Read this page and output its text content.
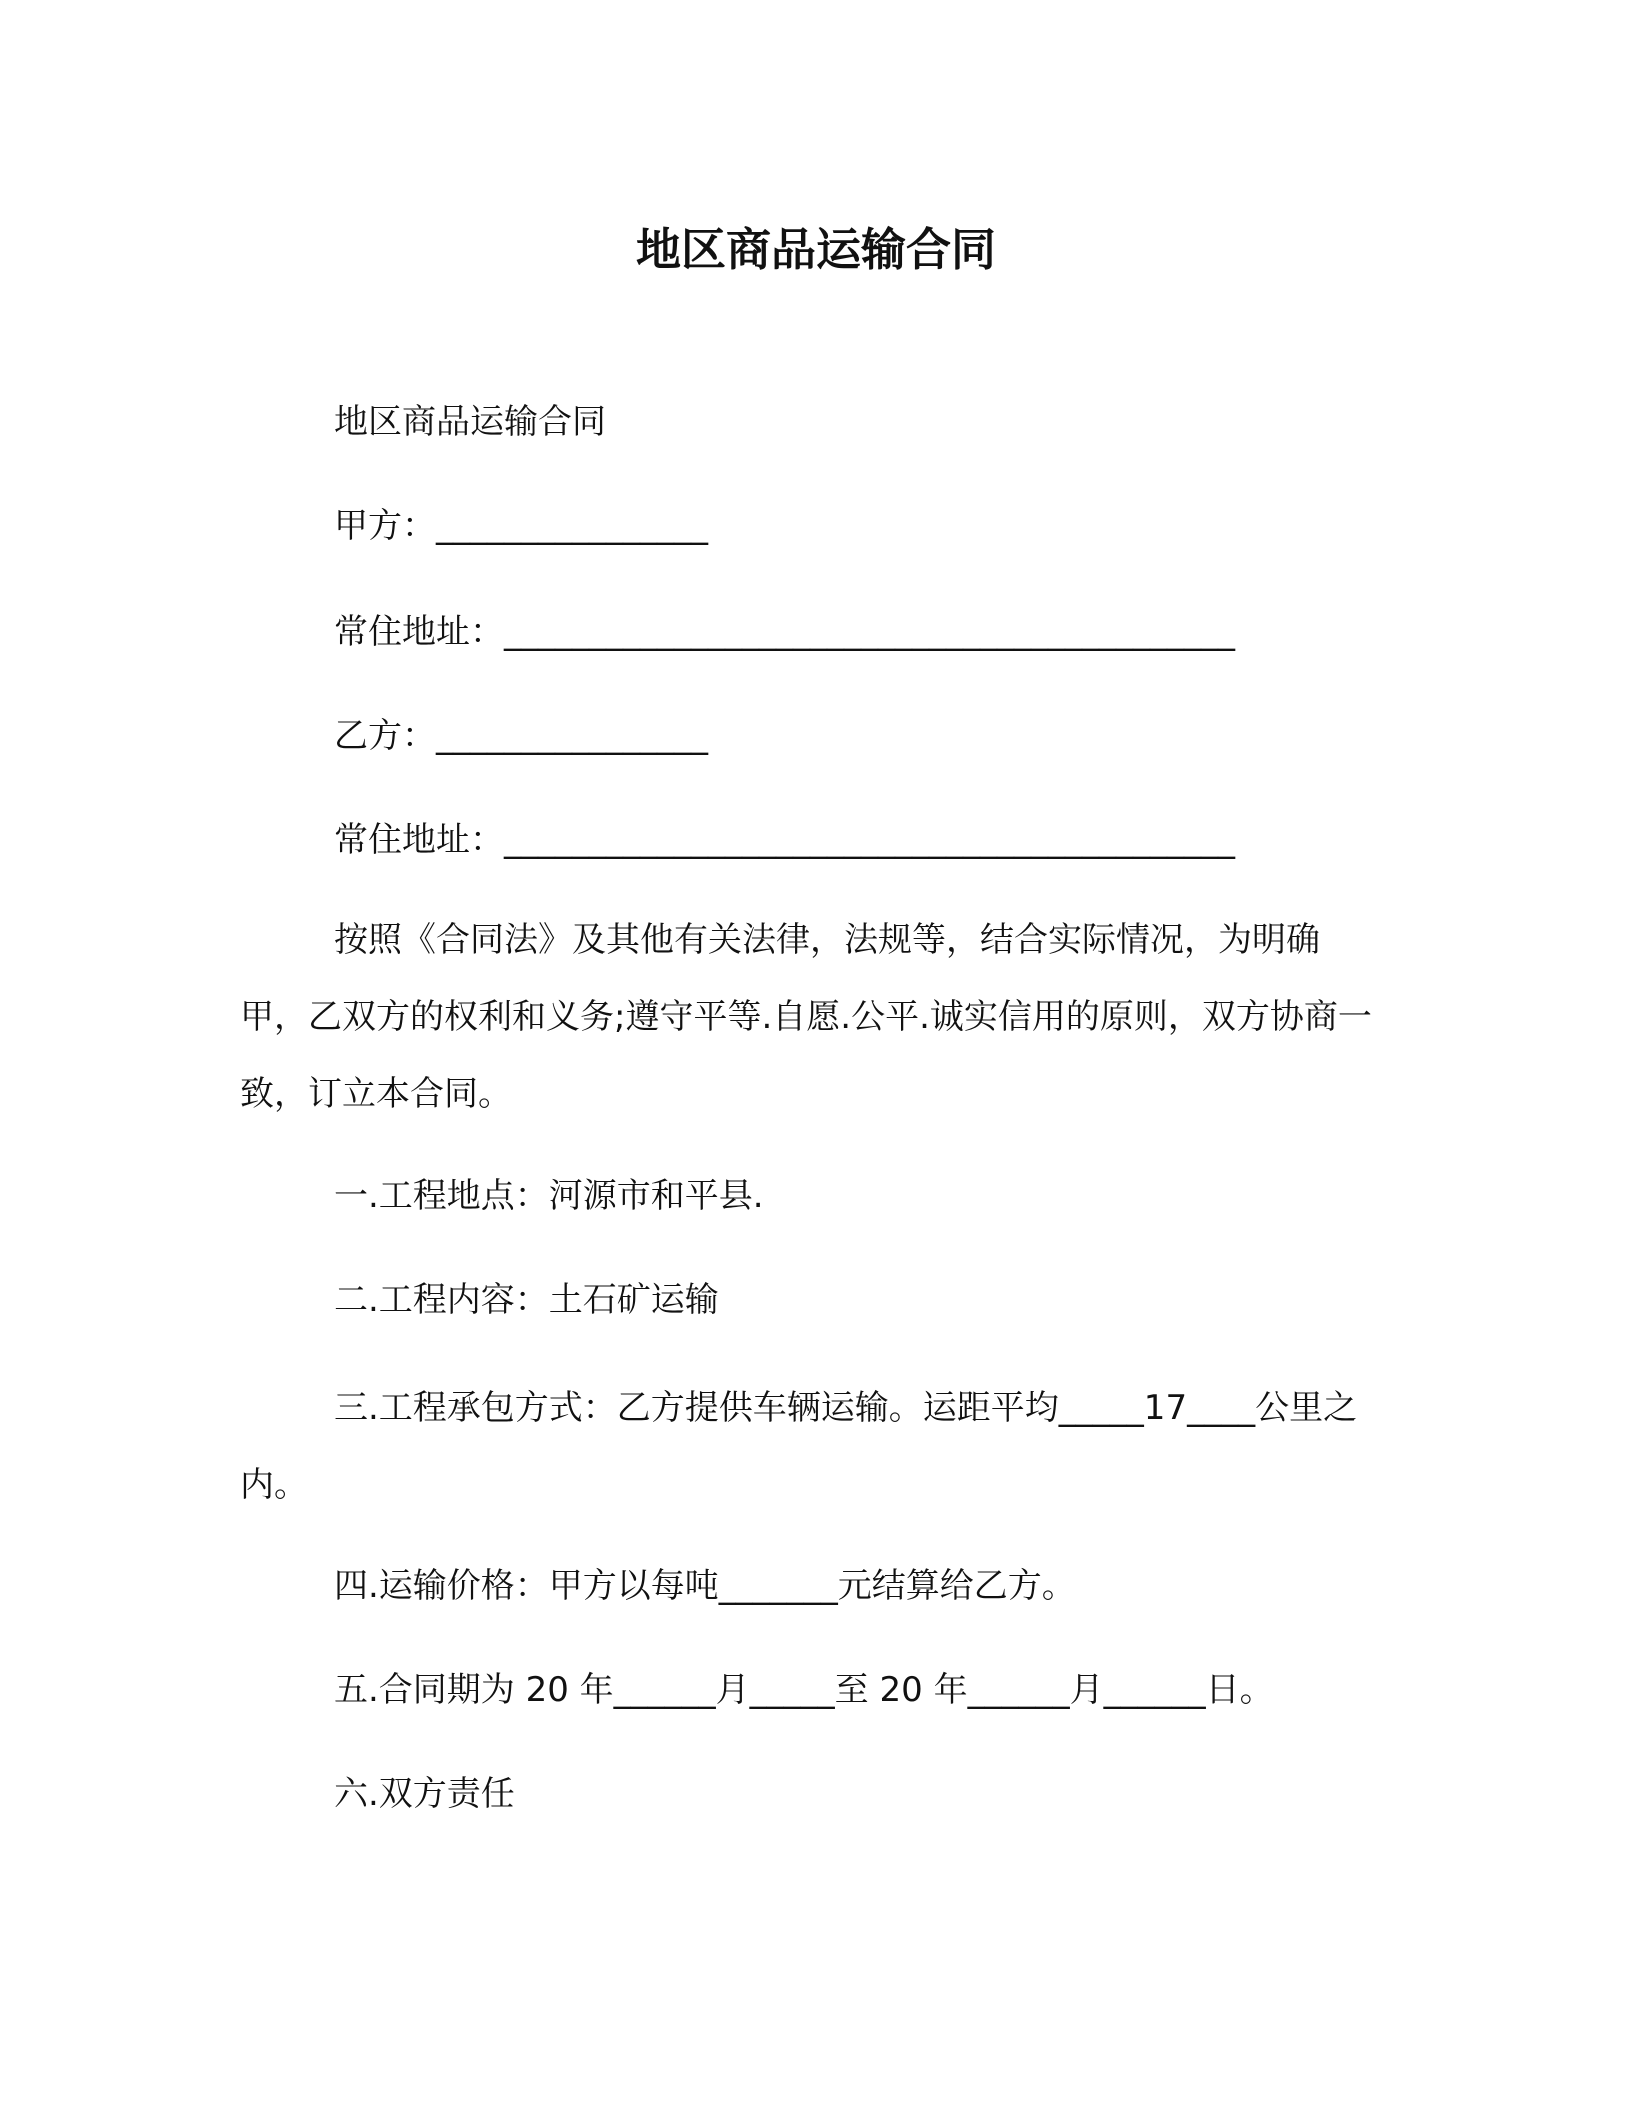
地区商品运输合同

地区商品运输合同

甲方：________________

常住地址：___________________________________________

乙方：________________

常住地址：___________________________________________

按照《合同法》及其他有关法律，法规等，结合实际情况，为明确甲，乙双方的权利和义务;遵守平等.自愿.公平.诚实信用的原则，双方协商一致，订立本合同。

一.工程地点：河源市和平县.

二.工程内容：土石矿运输

三.工程承包方式：乙方提供车辆运输。运距平均_____17____公里之内。

四.运输价格：甲方以每吨_______元结算给乙方。

五.合同期为 20 年______月_____至 20 年______月______日。

六.双方责任
